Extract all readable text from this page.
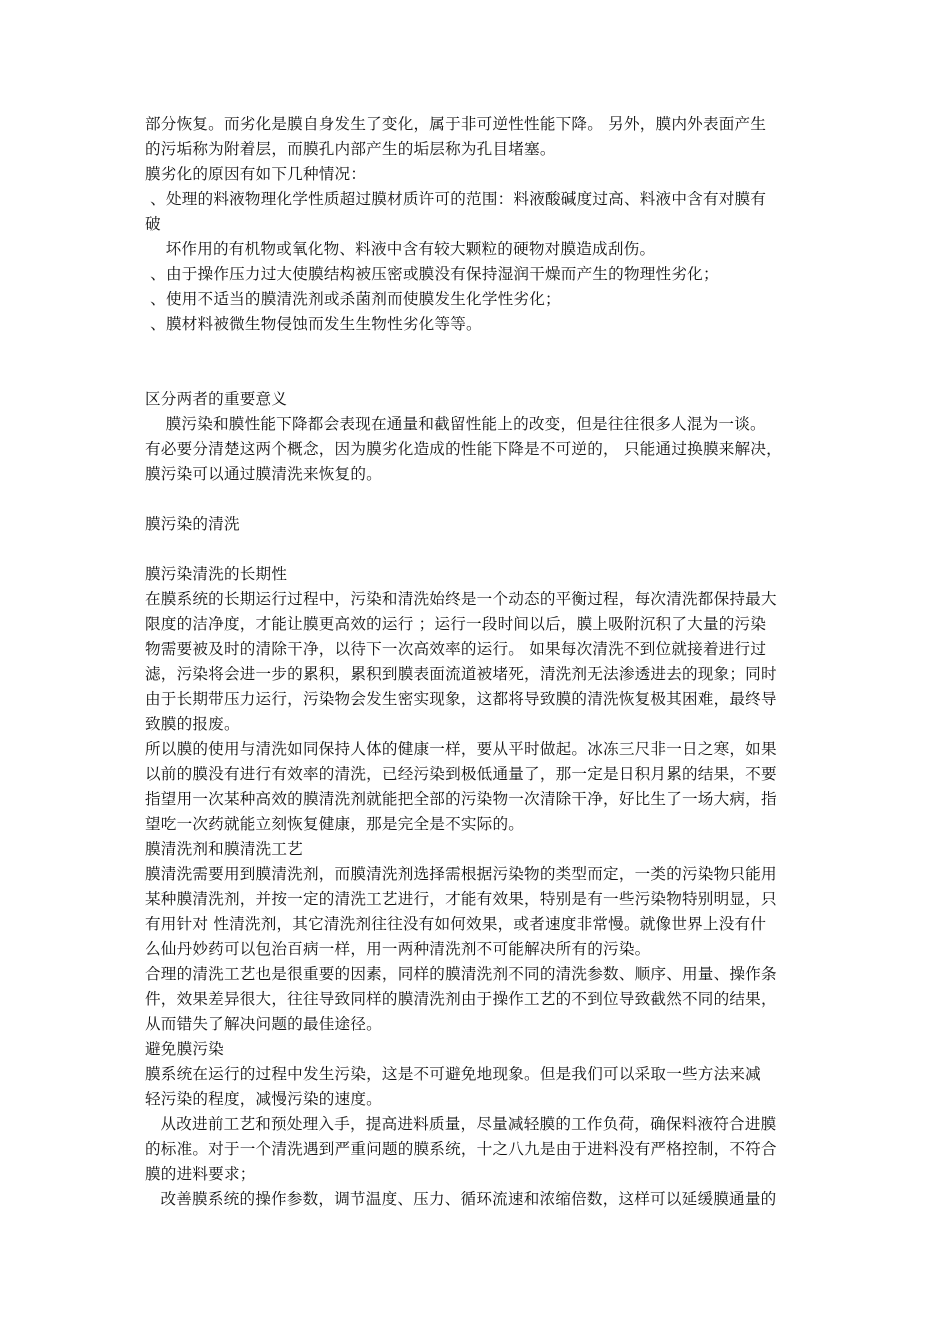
部分恢复。而劣化是膜自身发生了变化，属于非可逆性性能下降。 另外，膜内外表面产生

的污垢称为附着层，而膜孔内部产生的垢层称为孔目堵塞。

膜劣化的原因有如下几种情况：

、处理的料液物理化学性质超过膜材质许可的范围：料液酸碱度过高、料液中含有对膜有

破

坏作用的有机物或氧化物、料液中含有较大颗粒的硬物对膜造成刮伤。

、由于操作压力过大使膜结构被压密或膜没有保持湿润干燥而产生的物理性劣化；

、使用不适当的膜清洗剂或杀菌剂而使膜发生化学性劣化；

、膜材料被微生物侵蚀而发生生物性劣化等等。

区分两者的重要意义

膜污染和膜性能下降都会表现在通量和截留性能上的改变，但是往往很多人混为一谈。

有必要分清楚这两个概念，因为膜劣化造成的性能下降是不可逆的， 只能通过换膜来解决，

膜污染可以通过膜清洗来恢复的。

膜污染的清洗

膜污染清洗的长期性

在膜系统的长期运行过程中，污染和清洗始终是一个动态的平衡过程，每次清洗都保持最大

限度的洁净度，才能让膜更高效的运行 ；运行一段时间以后，膜上吸附沉积了大量的污染

物需要被及时的清除干净，以待下一次高效率的运行。 如果每次清洗不到位就接着进行过

滤，污染将会进一步的累积，累积到膜表面流道被堵死，清洗剂无法渗透进去的现象；同时

由于长期带压力运行，污染物会发生密实现象，这都将导致膜的清洗恢复极其困难，最终导

致膜的报废。

所以膜的使用与清洗如同保持人体的健康一样，要从平时做起。冰冻三尺非一日之寒，如果

以前的膜没有进行有效率的清洗，已经污染到极低通量了，那一定是日积月累的结果，不要

指望用一次某种高效的膜清洗剂就能把全部的污染物一次清除干净，好比生了一场大病，指

望吃一次药就能立刻恢复健康，那是完全是不实际的。

膜清洗剂和膜清洗工艺

膜清洗需要用到膜清洗剂，而膜清洗剂选择需根据污染物的类型而定，一类的污染物只能用

某种膜清洗剂，并按一定的清洗工艺进行，才能有效果，特别是有一些污染物特别明显，只

有用针对 性清洗剂，其它清洗剂往往没有如何效果，或者速度非常慢。就像世界上没有什

么仙丹妙药可以包治百病一样，用一两种清洗剂不可能解决所有的污染。

合理的清洗工艺也是很重要的因素，同样的膜清洗剂不同的清洗参数、顺序、用量、操作条

件，效果差异很大，往往导致同样的膜清洗剂由于操作工艺的不到位导致截然不同的结果，

从而错失了解决问题的最佳途径。

避免膜污染

膜系统在运行的过程中发生污染，这是不可避免地现象。但是我们可以采取一些方法来减

轻污染的程度，减慢污染的速度。

从改进前工艺和预处理入手，提高进料质量，尽量减轻膜的工作负荷，确保料液符合进膜

的标准。对于一个清洗遇到严重问题的膜系统，十之八九是由于进料没有严格控制，不符合

膜的进料要求；

改善膜系统的操作参数，调节温度、压力、循环流速和浓缩倍数，这样可以延缓膜通量的
